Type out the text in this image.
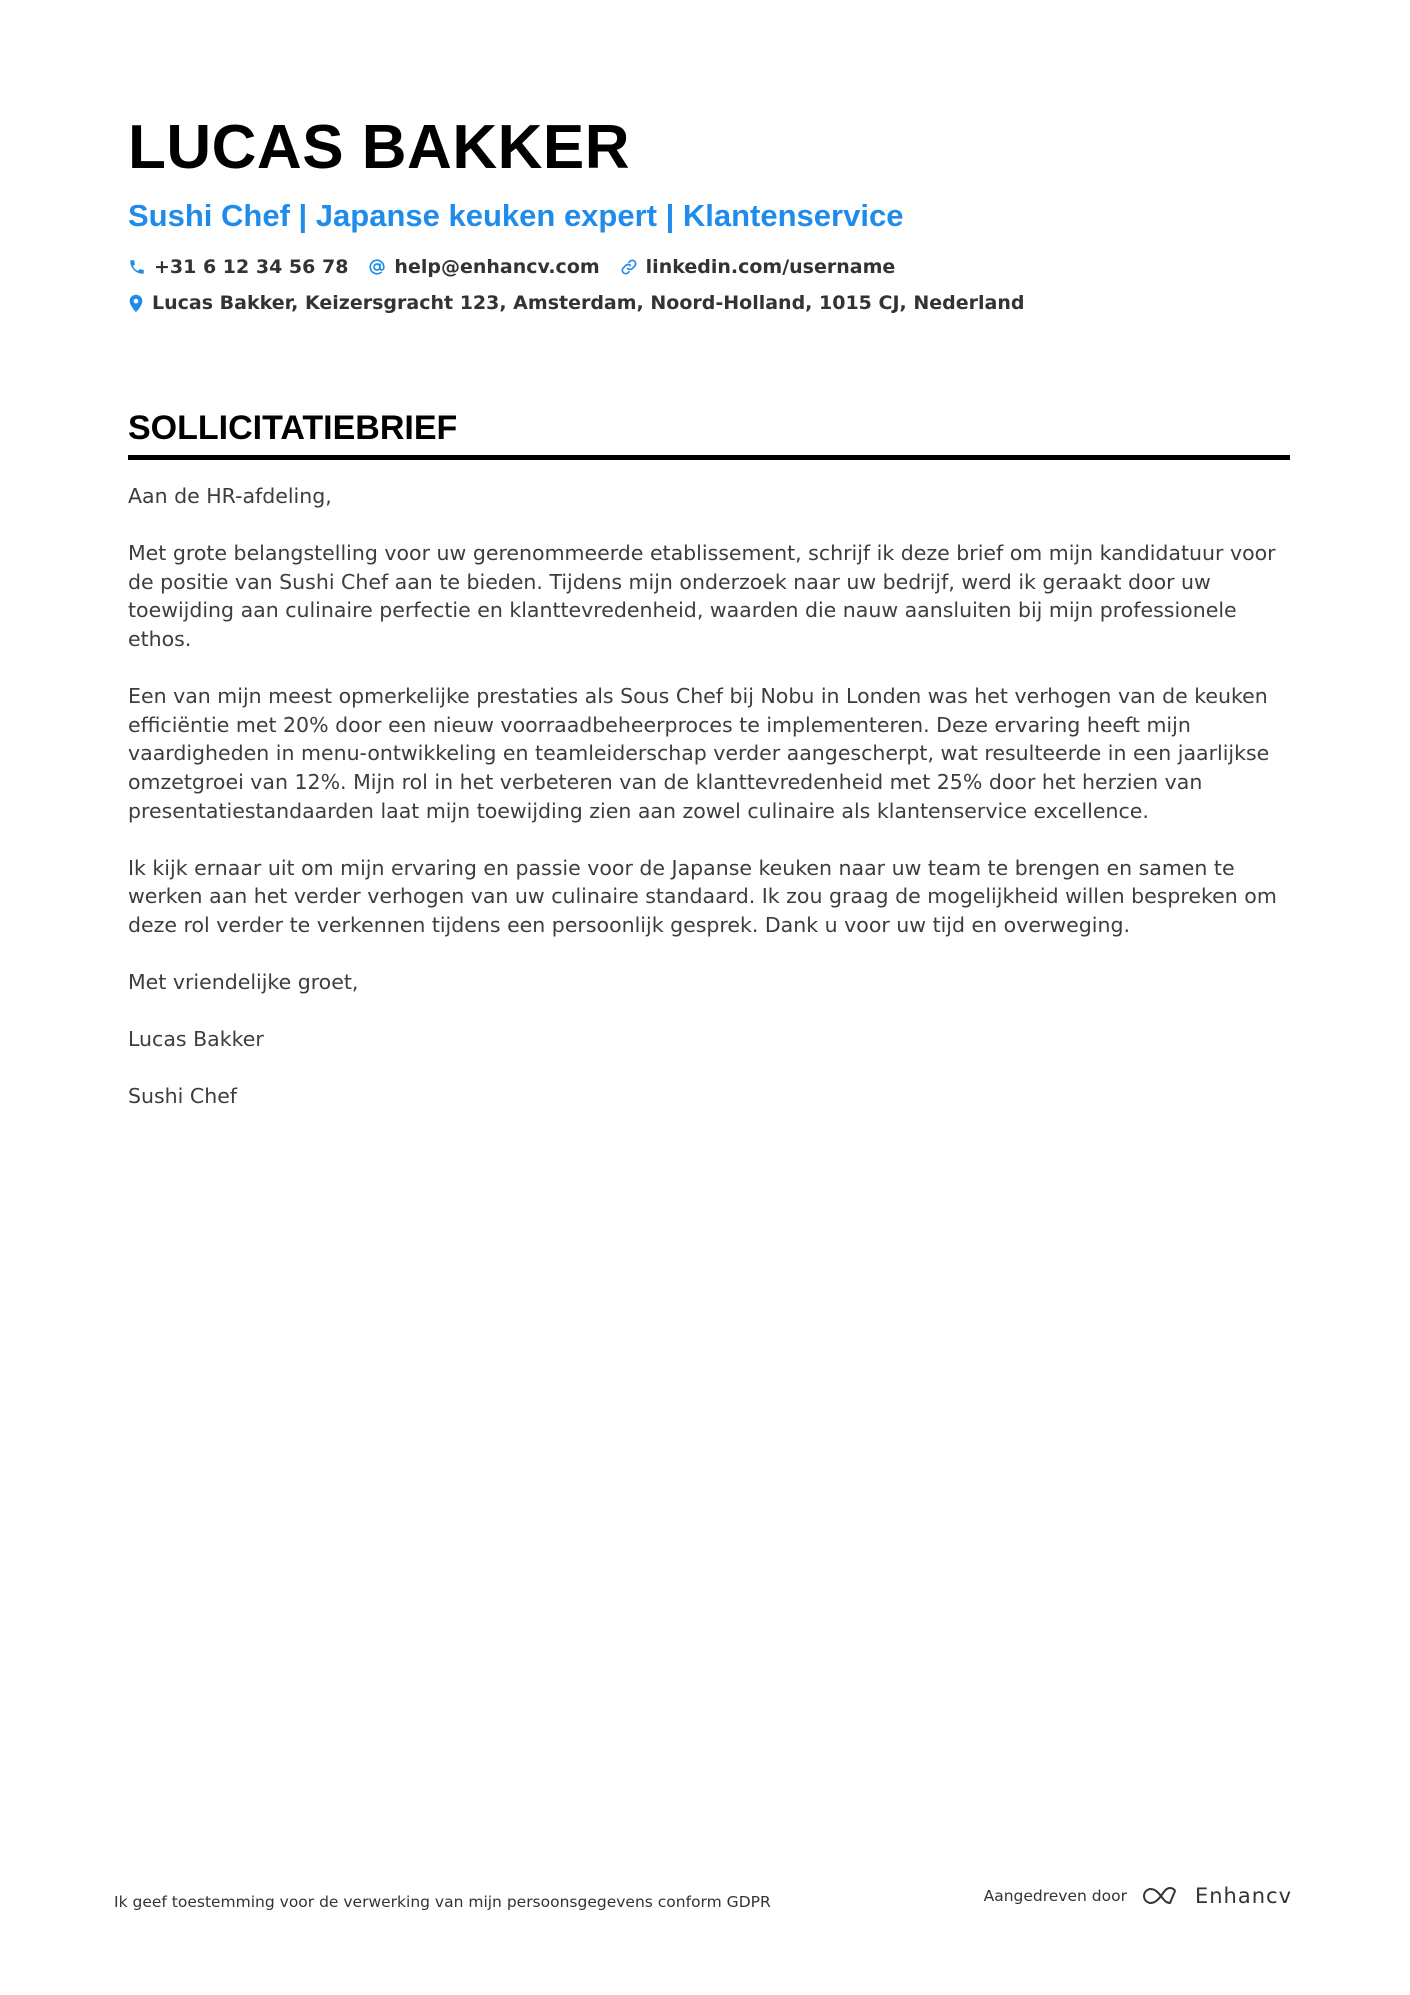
LUCAS BAKKER
Sushi Chef | Japanse keuken expert | Klantenservice
+31 6 12 34 56 78 help@enhancv.com linkedin.com/username
Lucas Bakker, Keizersgracht 123, Amsterdam, Noord-Holland, 1015 CJ, Nederland
SOLLICITATIEBRIEF

Aan de HR-afdeling,

Met grote belangstelling voor uw gerenommeerde etablissement, schrijf ik deze brief om mijn kandidatuur voor de positie van Sushi Chef aan te bieden. Tijdens mijn onderzoek naar uw bedrijf, werd ik geraakt door uw toewijding aan culinaire perfectie en klanttevredenheid, waarden die nauw aansluiten bij mijn professionele ethos.

Een van mijn meest opmerkelijke prestaties als Sous Chef bij Nobu in Londen was het verhogen van de keuken efficiëntie met 20% door een nieuw voorraadbeheerproces te implementeren. Deze ervaring heeft mijn vaardigheden in menu-ontwikkeling en teamleiderschap verder aangescherpt, wat resulteerde in een jaarlijkse omzetgroei van 12%. Mijn rol in het verbeteren van de klanttevredenheid met 25% door het herzien van presentatiestandaarden laat mijn toewijding zien aan zowel culinaire als klantenservice excellence.

Ik kijk ernaar uit om mijn ervaring en passie voor de Japanse keuken naar uw team te brengen en samen te werken aan het verder verhogen van uw culinaire standaard. Ik zou graag de mogelijkheid willen bespreken om deze rol verder te verkennen tijdens een persoonlijk gesprek. Dank u voor uw tijd en overweging.

Met vriendelijke groet,

Lucas Bakker

Sushi Chef

Ik geef toestemming voor de verwerking van mijn persoonsgegevens conform GDPR	Aangedreven door	Enhancv
